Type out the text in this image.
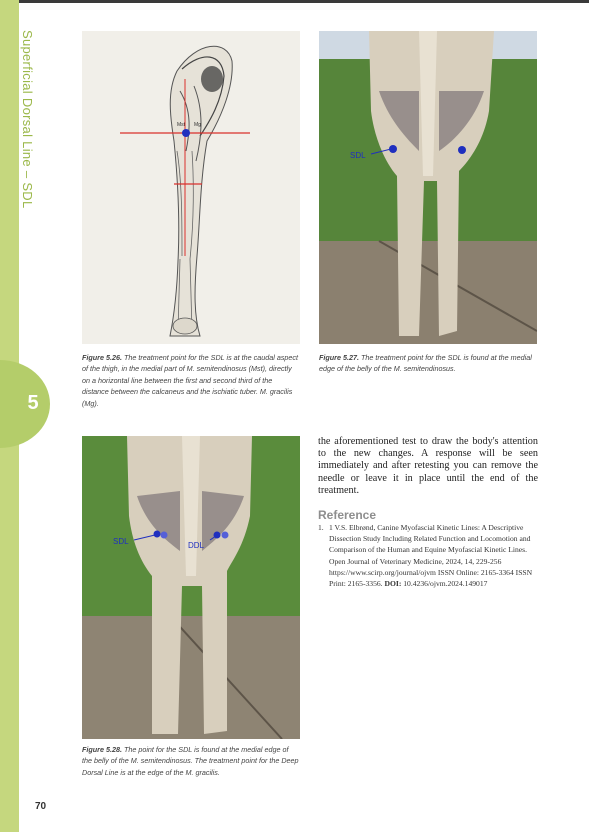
Superficial Dorsal Line – SDL
5
Mst Mg
Figure 5.26. The treatment point for the SDL is at the caudal aspect of the thigh, in the medial part of M. semitendinosus (Mst), directly on a horizontal line between the first and second third of the distance between the calcaneus and the ischiatic tuber. M. gracilis (Mg).
SDL
Figure 5.27. The treatment point for the SDL is found at the medial edge of the belly of the M. semitendinosus.
SDL	DDL
Figure 5.28. The point for the SDL is found at the medial edge of the belly of the M. semitendinosus. The treatment point for the Deep Dorsal Line is at the edge of the M. gracilis.
the aforementioned test to draw the body's attention to the new changes. A response will be seen immediately and after retesting you can remove the needle or leave it in place until the end of the treatment.
Reference
1. 1 V.S. Elbrønd, Canine Myofascial Kinetic Lines: A Descriptive Dissection Study Including Related Function and Locomotion and Comparison of the Human and Equine Myofascial Kinetic Lines. Open Journal of Veterinary Medicine, 2024, 14, 229-256 https://www.scirp.org/journal/ojvm ISSN Online: 2165-3364 ISSN Print: 2165-3356. DOI: 10.4236/ojvm.2024.149017
70
